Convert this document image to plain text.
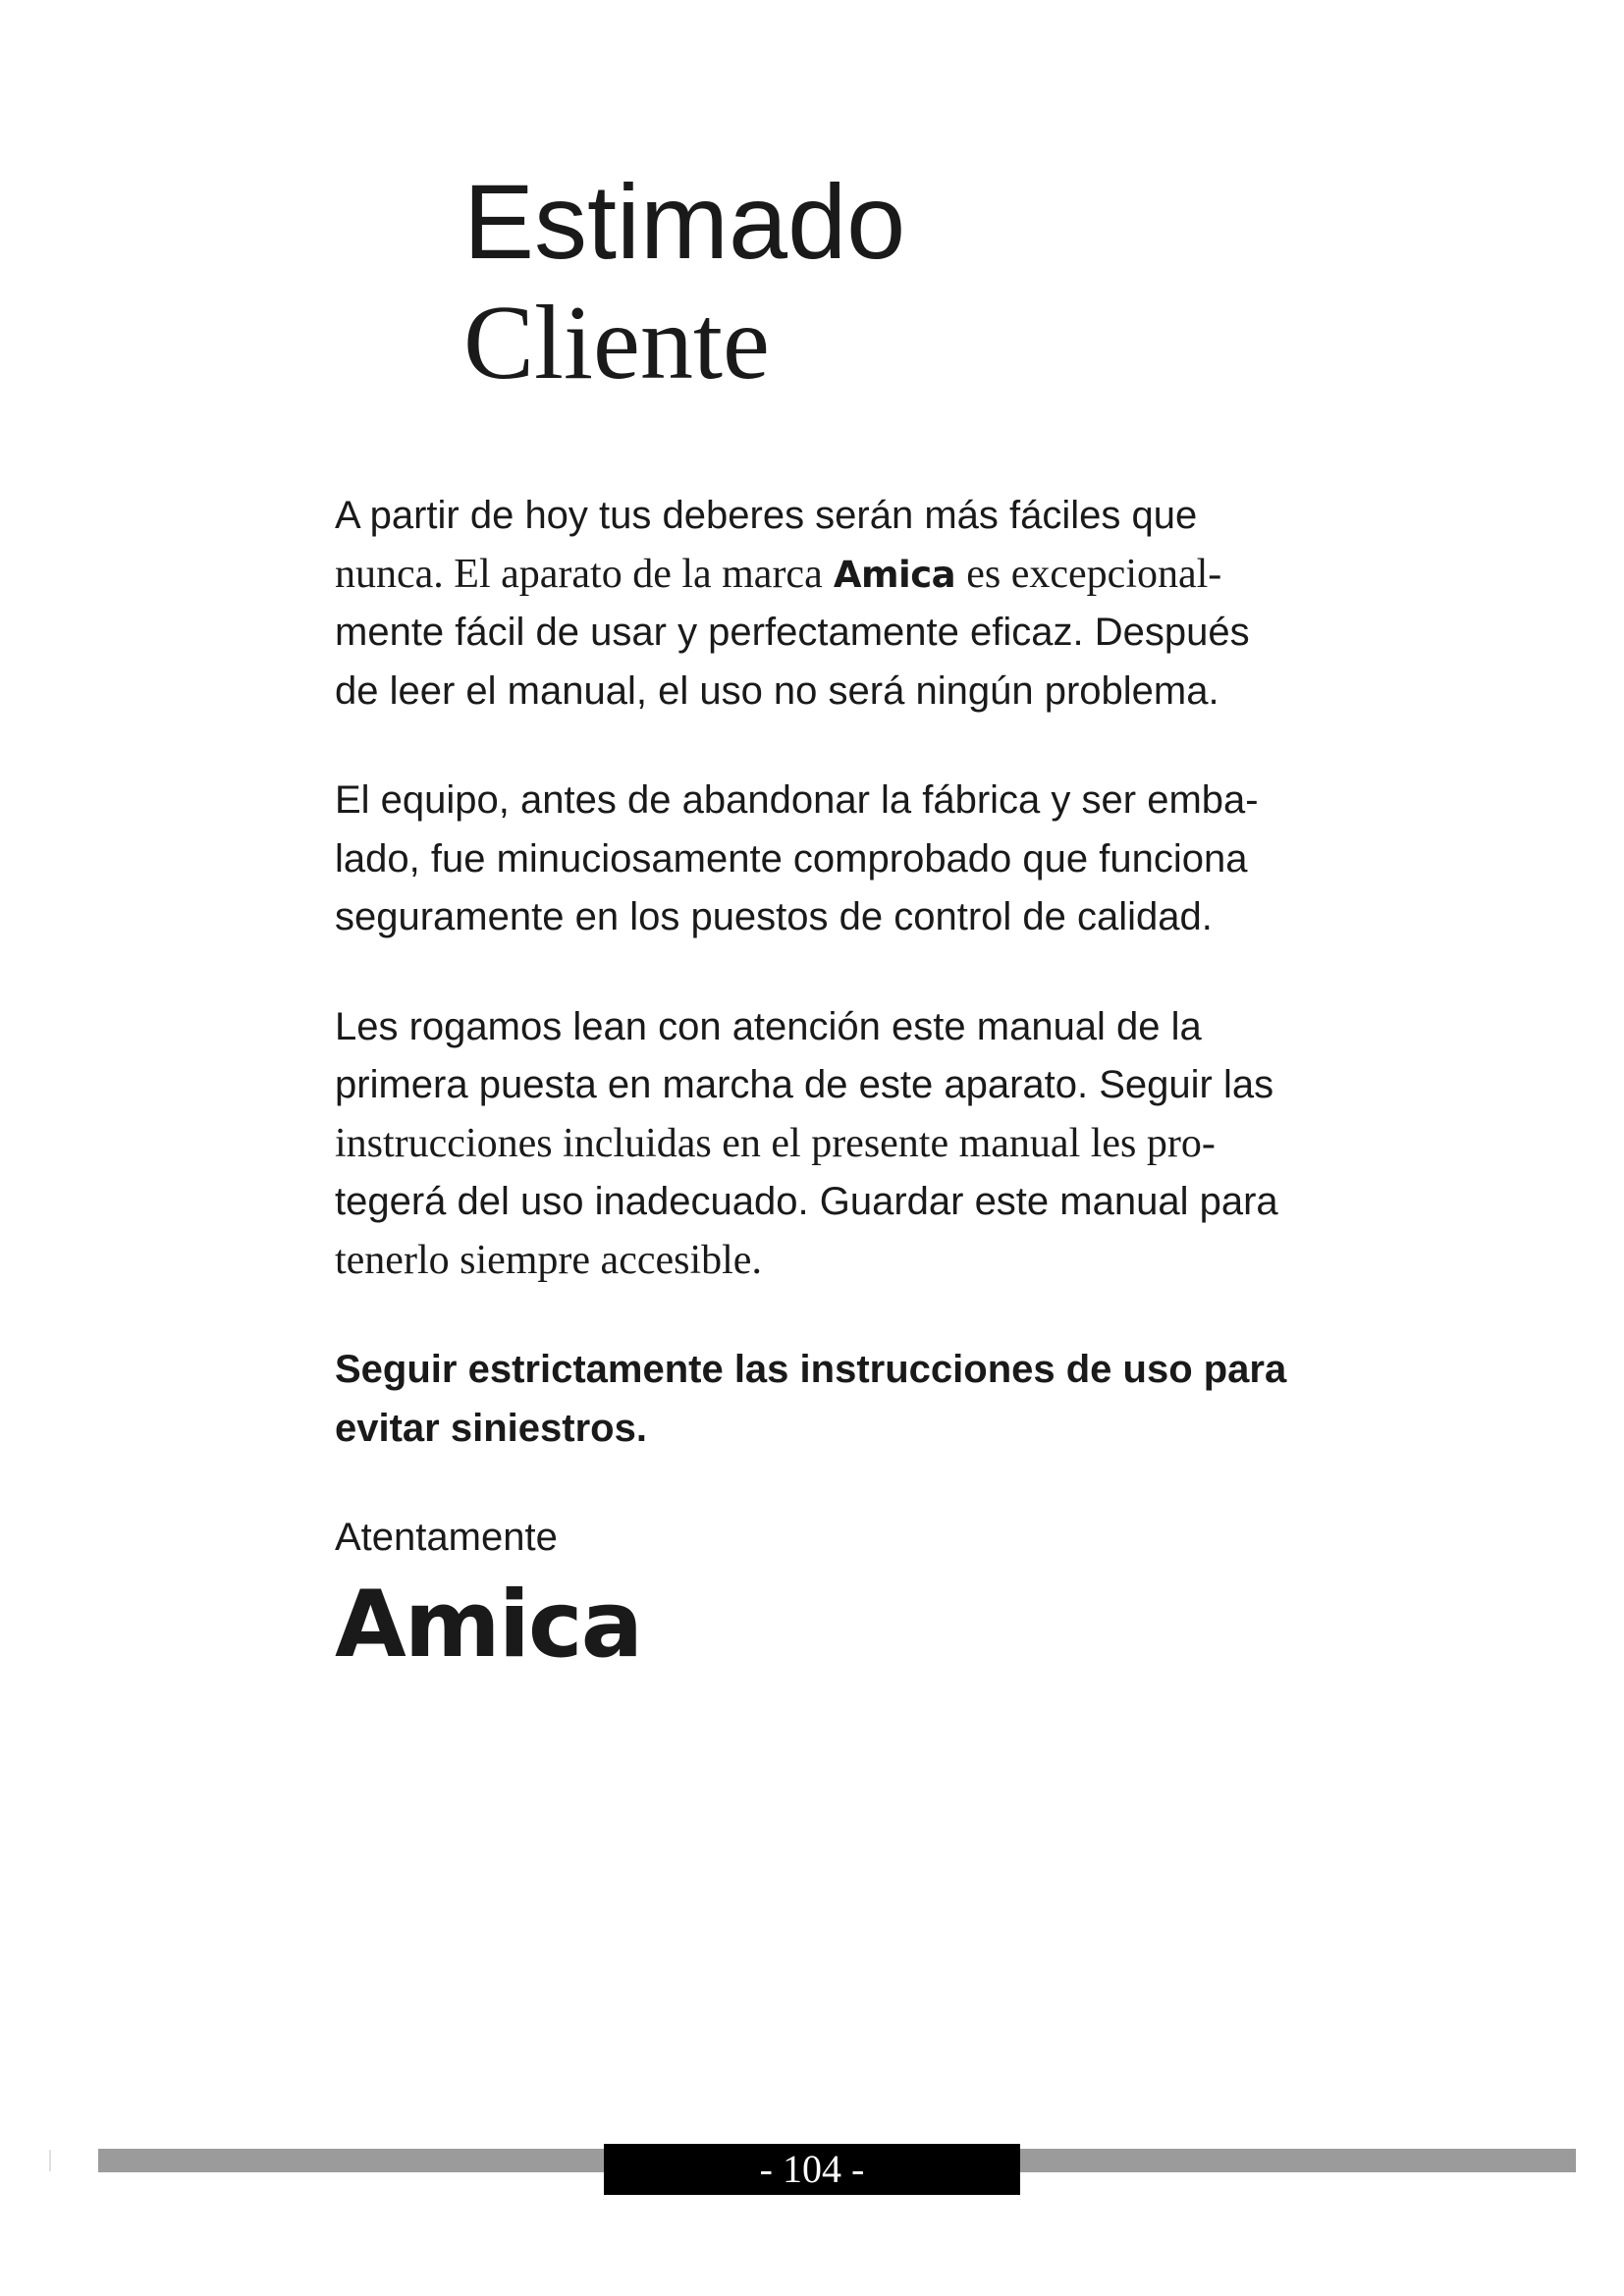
Estimado
Cliente

A partir de hoy tus deberes serán más fáciles que
nunca. El aparato de la marca Amica es excepcional-
mente fácil de usar y perfectamente eficaz. Después
de leer el manual, el uso no será ningún problema.

El equipo, antes de abandonar la fábrica y ser emba-
lado, fue minuciosamente comprobado que funciona
seguramente en los puestos de control de calidad.

Les rogamos lean con atención este manual de la
primera puesta en marcha de este aparato. Seguir las
instrucciones incluidas en el presente manual les pro-
tegerá del uso inadecuado. Guardar este manual para
tenerlo siempre accesible.

Seguir estrictamente las instrucciones de uso para
evitar siniestros.

Atentamente
Amica
- 104 -
